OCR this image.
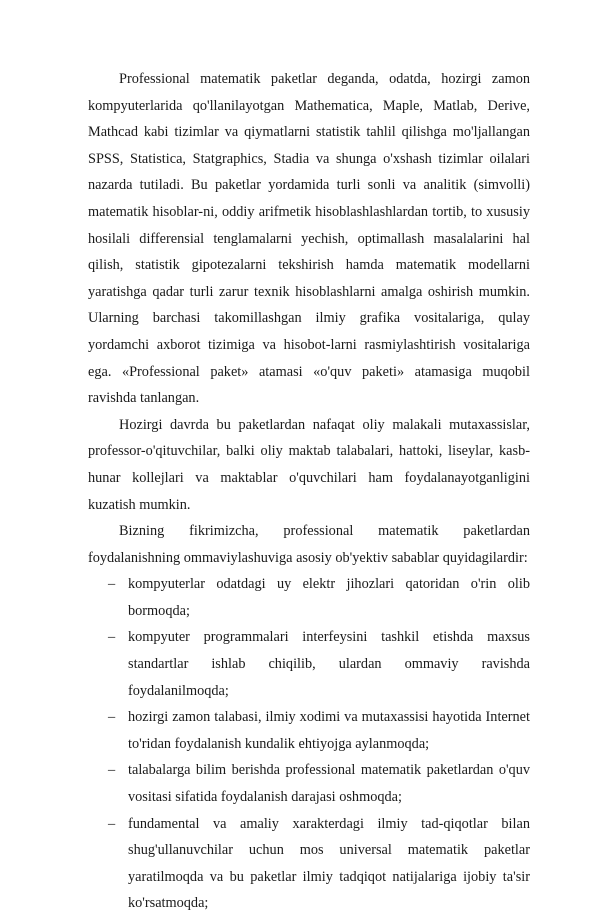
Professional matematik paketlar deganda, odatda, hozirgi zamon kompyuterlarida qo'llanilayotgan Mathematica, Maple, Matlab, Derive, Mathcad kabi tizimlar va qiymatlarni statistik tahlil qilishga mo'ljallangan SPSS, Statistica, Statgraphics, Stadia va shunga o'xshash tizimlar oilalari nazarda tutiladi. Bu paketlar yordamida turli sonli va analitik (simvolli) matematik hisoblar-ni, oddiy arifmetik hisoblashlashlardan tortib, to xususiy hosilali differensial tenglamalarni yechish, optimallash masalalarini hal qilish, statistik gipotezalarni tekshirish hamda matematik modellarni yaratishga qadar turli zarur texnik hisoblashlarni amalga oshirish mumkin. Ularning barchasi takomillashgan ilmiy grafika vositalariga, qulay yordamchi axborot tizimiga va hisobot-larni rasmiylashtirish vositalariga ega. «Professional paket» atamasi «o'quv paketi» atamasiga muqobil ravishda tanlangan.

Hozirgi davrda bu paketlardan nafaqat oliy malakali mutaxassislar, professor-o'qituvchilar, balki oliy maktab talabalari, hattoki, liseylar, kasb-hunar kollejlari va maktablar o'quvchilari ham foydalanayotganligini kuzatish mumkin.

Bizning fikrimizcha, professional matematik paketlardan foydalanishning ommaviylashuviga asosiy ob'yektiv sabablar quyidagilardir:

– kompyuterlar odatdagi uy elektr jihozlari qatoridan o'rin olib bormoqda;
– kompyuter programmalari interfeysini tashkil etishda maxsus standartlar ishlab chiqilib, ulardan ommaviy ravishda foydalanilmoqda;
– hozirgi zamon talabasi, ilmiy xodimi va mutaxassisi hayotida Internet to'ridan foydalanish kundalik ehtiyojga aylanmoqda;
– talabalarga bilim berishda professional matematik paketlardan o'quv vositasi sifatida foydalanish darajasi oshmoqda;
– fundamental va amaliy xarakterdagi ilmiy tad-qiqotlar bilan shug'ullanuvchilar uchun mos universal matematik paketlar yaratilmoqda va bu paketlar ilmiy tadqiqot natijalariga ijobiy ta'sir ko'rsatmoqda;
